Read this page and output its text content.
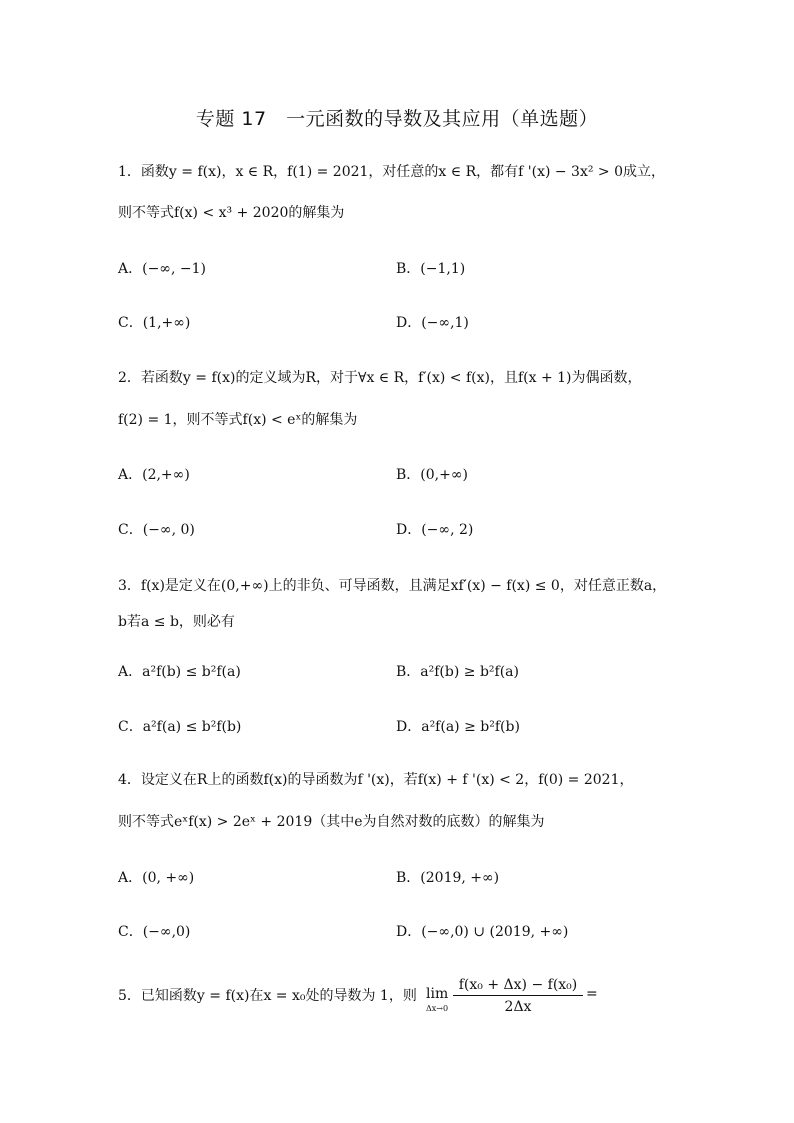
专题 17　一元函数的导数及其应用（单选题）
1．函数y = f(x)，x ∈ R，f(1) = 2021，对任意的x ∈ R，都有f '(x) − 3x² > 0成立，
则不等式f(x) < x³ + 2020的解集为
A．(−∞, −1)	B．(−1,1)
C．(1,+∞)	D．(−∞,1)
2．若函数y = f(x)的定义域为R，对于∀x ∈ R，f′(x) < f(x)，且f(x + 1)为偶函数，
f(2) = 1，则不等式f(x) < eˣ的解集为
A．(2,+∞)	B．(0,+∞)
C．(−∞, 0)	D．(−∞, 2)
3．f(x)是定义在(0,+∞)上的非负、可导函数，且满足xf′(x) − f(x) ≤ 0，对任意正数a，
b若a ≤ b，则必有
A．a²f(b) ≤ b²f(a)	B．a²f(b) ≥ b²f(a)
C．a²f(a) ≤ b²f(b)	D．a²f(a) ≥ b²f(b)
4．设定义在R上的函数f(x)的导函数为f '(x)，若f(x) + f '(x) < 2，f(0) = 2021，
则不等式eˣf(x) > 2eˣ + 2019（其中e为自然对数的底数）的解集为
A．(0, +∞)	B．(2019, +∞)
C．(−∞,0)	D．(−∞,0) ∪ (2019, +∞)
5．已知函数y = f(x)在x = x₀处的导数为 1，则 lim
$\Delta x\to 0 \frac{\text{f(x₀ + Δx) − f(x₀)}}{2\Delta x}$ =
